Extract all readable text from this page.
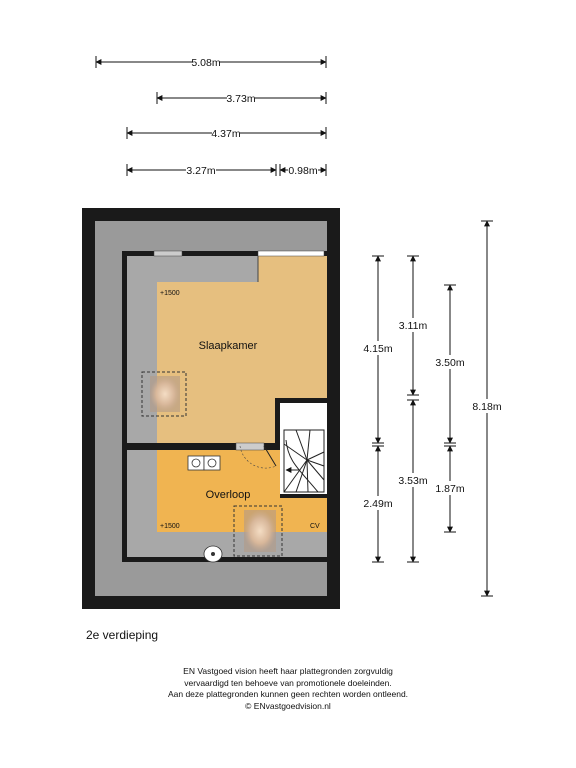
5.08m
3.73m
4.37m
3.27m	0.98m
Slaapkamer
Overloop
+1500
+1500	CV
4.15m
2.49m
3.11m
3.53m
3.50m
1.87m
8.18m
2e verdieping
EN Vastgoed vision heeft haar plattegronden zorgvuldig
vervaardigd ten behoeve van promotionele doeleinden.
Aan deze plattegronden kunnen geen rechten worden ontleend.
© ENvastgoedvision.nl
